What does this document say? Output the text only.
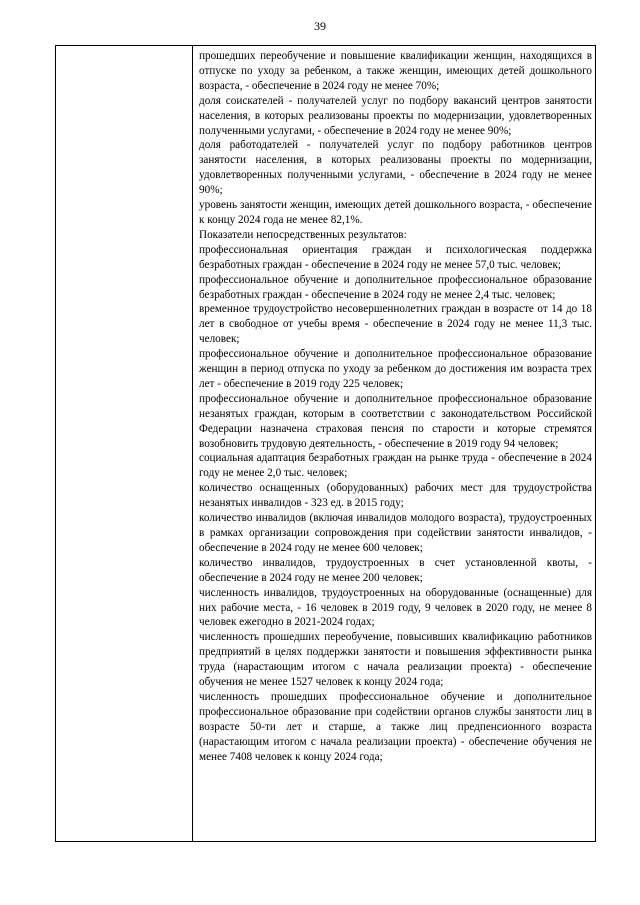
39

прошедших переобучение и повышение квалификации женщин, находящихся в отпуске по уходу за ребенком, а также женщин, имеющих детей дошкольного возраста, - обеспечение в 2024 году не менее 70%;

доля соискателей - получателей услуг по подбору вакансий центров занятости населения, в которых реализованы проекты по модернизации, удовлетворенных полученными услугами, - обеспечение в 2024 году не менее 90%;

доля работодателей - получателей услуг по подбору работников центров занятости населения, в которых реализованы проекты по модернизации, удовлетворенных полученными услугами, - обеспечение в 2024 году не менее 90%;

уровень занятости женщин, имеющих детей дошкольного возраста, - обеспечение к концу 2024 года не менее 82,1%.

Показатели непосредственных результатов:

профессиональная ориентация граждан и психологическая поддержка безработных граждан - обеспечение в 2024 году не менее 57,0 тыс. человек;

профессиональное обучение и дополнительное профессиональное образование безработных граждан - обеспечение в 2024 году не менее 2,4 тыс. человек;

временное трудоустройство несовершеннолетних граждан в возрасте от 14 до 18 лет в свободное от учебы время - обеспечение в 2024 году не менее 11,3 тыс. человек;

профессиональное обучение и дополнительное профессиональное образование женщин в период отпуска по уходу за ребенком до достижения им возраста трех лет - обеспечение в 2019 году 225 человек;

профессиональное обучение и дополнительное профессиональное образование незанятых граждан, которым в соответствии с законодательством Российской Федерации назначена страховая пенсия по старости и которые стремятся возобновить трудовую деятельность, - обеспечение в 2019 году 94 человек;

социальная адаптация безработных граждан на рынке труда - обеспечение в 2024 году не менее 2,0 тыс. человек;

количество оснащенных (оборудованных) рабочих мест для трудоустройства незанятых инвалидов - 323 ед. в 2015 году;

количество инвалидов (включая инвалидов молодого возраста), трудоустроенных в рамках организации сопровождения при содействии занятости инвалидов, - обеспечение в 2024 году не менее 600 человек;

количество инвалидов, трудоустроенных в счет установленной квоты, - обеспечение в 2024 году не менее 200 человек;

численность инвалидов, трудоустроенных на оборудованные (оснащенные) для них рабочие места, - 16 человек в 2019 году, 9 человек в 2020 году, не менее 8 человек ежегодно в 2021-2024 годах;

численность прошедших переобучение, повысивших квалификацию работников предприятий в целях поддержки занятости и повышения эффективности рынка труда (нарастающим итогом с начала реализации проекта) - обеспечение обучения не менее 1527 человек к концу 2024 года;

численность прошедших профессиональное обучение и дополнительное профессиональное образование при содействии органов службы занятости лиц в возрасте 50-ти лет и старше, а также лиц предпенсионного возраста (нарастающим итогом с начала реализации проекта) - обеспечение обучения не менее 7408 человек к концу 2024 года;
